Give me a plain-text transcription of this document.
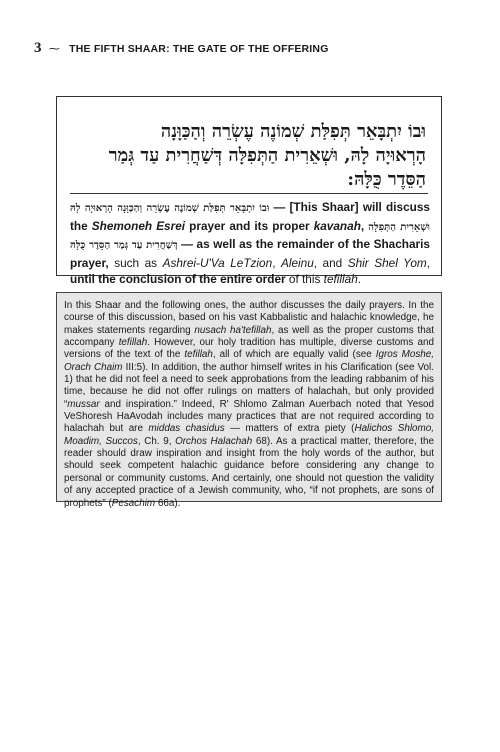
3 ⁓ THE FIFTH SHAAR: THE GATE OF THE OFFERING
וּבוֹ יִתְבָּאֵר תְּפִלַּת שְׁמוֹנֶה עֶשְׂרֵה וְהַכַּוָּנָה הָרְאוּיָה לָהּ, וּשְׁאֵרִית הַתְּפִלָּה דְּשַׁחֲרִית עַד גְּמַר הַסֵּדֶר כֻּלָּהּ:
וּבוֹ יִתְבָּאֵר תְּפִלַּת שְׁמוֹנֶה עֶשְׂרֵה וְהַכַּוָּנָה הָרְאוּיָה לָהּ — [This Shaar] will discuss the Shemoneh Esrei prayer and its proper kavanah, וּשְׁאֵרִית הַתְּפִלָּה דְּשַׁחֲרִית עַד גְּמַר הַסֵּדֶר כֻּלָּהּ — as well as the remainder of the Shacharis prayer, such as Ashrei-U'Va LeTzion, Aleinu, and Shir Shel Yom, until the conclusion of the entire order of this tefillah.

In this Shaar and the following ones, the author discusses the daily prayers. In the course of this discussion, based on his vast Kabbalistic and halachic knowledge, he makes statements regarding nusach ha'tefillah, as well as the proper customs that accompany tefillah. However, our holy tradition has multiple, diverse customs and versions of the text of the tefillah, all of which are equally valid (see Igros Moshe, Orach Chaim III:5). In addition, the author himself writes in his Clarification (see Vol. 1) that he did not feel a need to seek approbations from the leading rabbanim of his time, because he did not offer rulings on matters of halachah, but only provided “mussar and inspiration.” Indeed, R' Shlomo Zalman Auerbach noted that Yesod VeShoresh HaAvodah includes many practices that are not required according to halachah but are middas chasidus — matters of extra piety (Halichos Shlomo, Moadim, Succos, Ch. 9, Orchos Halachah 68). As a practical matter, therefore, the reader should draw inspiration and insight from the holy words of the author, but should seek competent halachic guidance before considering any change to personal or community customs. And certainly, one should not question the validity of any accepted practice of a Jewish community, who, “if not prophets, are sons of prophets” (Pesachim 66a).
